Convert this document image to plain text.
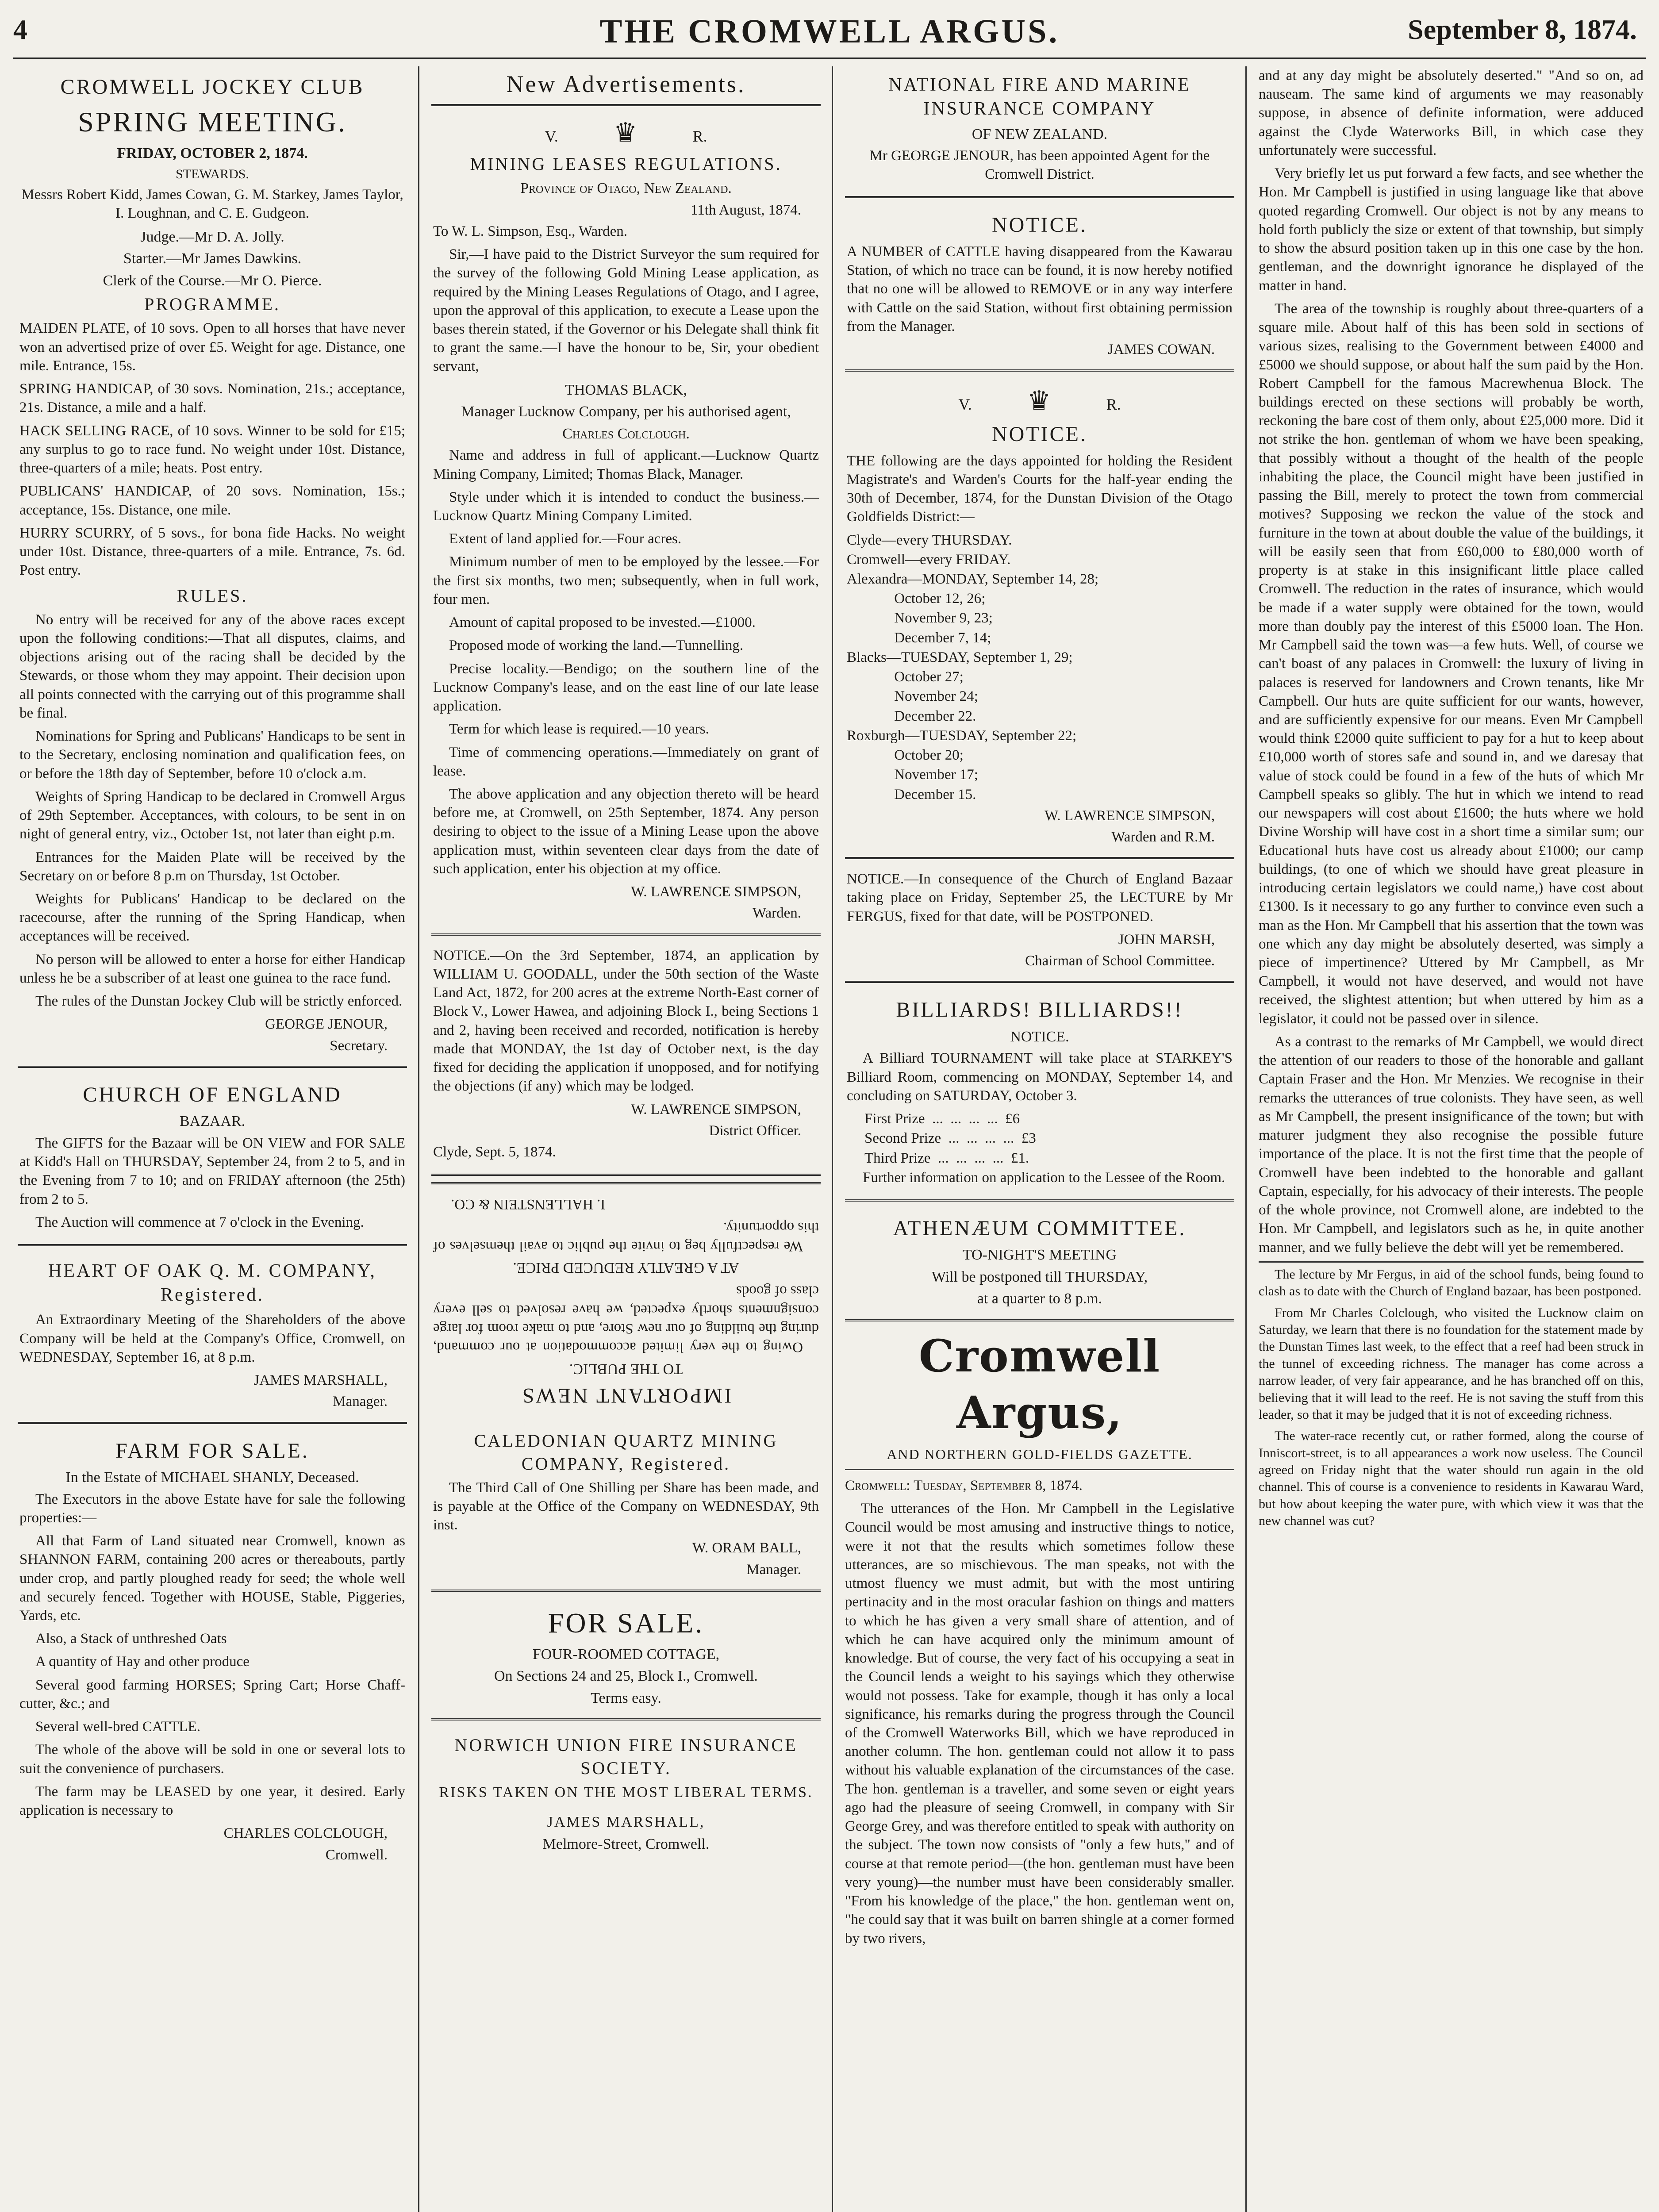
4	THE CROMWELL ARGUS.	September 8, 1874.
CROMWELL JOCKEY CLUB
SPRING MEETING.
FRIDAY, OCTOBER 2, 1874.
STEWARDS.

Messrs Robert Kidd, James Cowan, G. M. Starkey, James Taylor, I. Loughnan, and C. E. Gudgeon.

Judge.—Mr D. A. Jolly.
Starter.—Mr James Dawkins.
Clerk of the Course.—Mr O. Pierce.
PROGRAMME.

MAIDEN PLATE, of 10 sovs. Open to all horses that have never won an advertised prize of over £5. Weight for age. Distance, one mile. Entrance, 15s.

SPRING HANDICAP, of 30 sovs. Nomination, 21s.; acceptance, 21s. Distance, a mile and a half.

HACK SELLING RACE, of 10 sovs. Winner to be sold for £15; any surplus to go to race fund. No weight under 10st. Distance, three-quarters of a mile; heats. Post entry.

PUBLICANS' HANDICAP, of 20 sovs. Nomination, 15s.; acceptance, 15s. Distance, one mile.

HURRY SCURRY, of 5 sovs., for bona fide Hacks. No weight under 10st. Distance, three-quarters of a mile. Entrance, 7s. 6d. Post entry.

RULES.

No entry will be received for any of the above races except upon the following conditions:—That all disputes, claims, and objections arising out of the racing shall be decided by the Stewards, or those whom they may appoint. Their decision upon all points connected with the carrying out of this programme shall be final.

Nominations for Spring and Publicans' Handicaps to be sent in to the Secretary, enclosing nomination and qualification fees, on or before the 18th day of September, before 10 o'clock a.m.

Weights of Spring Handicap to be declared in Cromwell Argus of 29th September. Acceptances, with colours, to be sent in on night of general entry, viz., October 1st, not later than eight p.m.

Entrances for the Maiden Plate will be received by the Secretary on or before 8 p.m on Thursday, 1st October.

Weights for Publicans' Handicap to be declared on the racecourse, after the running of the Spring Handicap, when acceptances will be received.

No person will be allowed to enter a horse for either Handicap unless he be a subscriber of at least one guinea to the race fund.

The rules of the Dunstan Jockey Club will be strictly enforced.

GEORGE JENOUR,
Secretary.
CHURCH OF ENGLAND
BAZAAR.

The GIFTS for the Bazaar will be ON VIEW and FOR SALE at Kidd's Hall on THURSDAY, September 24, from 2 to 5, and in the Evening from 7 to 10; and on FRIDAY afternoon (the 25th) from 2 to 5.

The Auction will commence at 7 o'clock in the Evening.

HEART OF OAK Q. M. COMPANY, Registered.

An Extraordinary Meeting of the Shareholders of the above Company will be held at the Company's Office, Cromwell, on WEDNESDAY, September 16, at 8 p.m.

JAMES MARSHALL,
Manager.
FARM FOR SALE.
In the Estate of MICHAEL SHANLY, Deceased.

The Executors in the above Estate have for sale the following properties:—

All that Farm of Land situated near Cromwell, known as SHANNON FARM, containing 200 acres or thereabouts, partly under crop, and partly ploughed ready for seed; the whole well and securely fenced. Together with HOUSE, Stable, Piggeries, Yards, etc.

Also, a Stack of unthreshed Oats

A quantity of Hay and other produce

Several good farming HORSES; Spring Cart; Horse Chaff-cutter, &c.; and

Several well-bred CATTLE.

The whole of the above will be sold in one or several lots to suit the convenience of purchasers.

The farm may be LEASED by one year, it desired. Early application is necessary to

CHARLES COLCLOUGH,
Cromwell.
New Advertisements.
V. ♛	R.
MINING LEASES REGULATIONS.
Province of Otago, New Zealand.
11th August, 1874.

To W. L. Simpson, Esq., Warden.

Sir,—I have paid to the District Surveyor the sum required for the survey of the following Gold Mining Lease application, as required by the Mining Leases Regulations of Otago, and I agree, upon the approval of this application, to execute a Lease upon the bases therein stated, if the Governor or his Delegate shall think fit to grant the same.—I have the honour to be, Sir, your obedient servant,

THOMAS BLACK,
Manager Lucknow Company, per his authorised agent,
Charles Colclough.

Name and address in full of applicant.—Lucknow Quartz Mining Company, Limited; Thomas Black, Manager.

Style under which it is intended to conduct the business.—Lucknow Quartz Mining Company Limited.

Extent of land applied for.—Four acres.

Minimum number of men to be employed by the lessee.—For the first six months, two men; subsequently, when in full work, four men.

Amount of capital proposed to be invested.—£1000.

Proposed mode of working the land.—Tunnelling.

Precise locality.—Bendigo; on the southern line of the Lucknow Company's lease, and on the east line of our late lease application.

Term for which lease is required.—10 years.

Time of commencing operations.—Immediately on grant of lease.

The above application and any objection thereto will be heard before me, at Cromwell, on 25th September, 1874. Any person desiring to object to the issue of a Mining Lease upon the above application must, within seventeen clear days from the date of such application, enter his objection at my office.

W. LAWRENCE SIMPSON,
Warden.

NOTICE.—On the 3rd September, 1874, an application by WILLIAM U. GOODALL, under the 50th section of the Waste Land Act, 1872, for 200 acres at the extreme North-East corner of Block V., Lower Hawea, and adjoining Block I., being Sections 1 and 2, having been received and recorded, notification is hereby made that MONDAY, the 1st day of October next, is the day fixed for deciding the application if unopposed, and for notifying the objections (if any) which may be lodged.

W. LAWRENCE SIMPSON,
District Officer.

Clyde, Sept. 5, 1874.

IMPORTANT NEWS
TO THE PUBLIC.

Owing to the very limited accommodation at our command, during the building of our new Store, and to make room for large consignments shortly expected, we have resolved to sell every class of goods

AT A GREATLY REDUCED PRICE.

We respectfully beg to invite the public to avail themselves of this opportunity.

I. HALLENSTEIN & CO.
CALEDONIAN QUARTZ MINING COMPANY, Registered.

The Third Call of One Shilling per Share has been made, and is payable at the Office of the Company on WEDNESDAY, 9th inst.

W. ORAM BALL,
Manager.
FOR SALE.
FOUR-ROOMED COTTAGE,
On Sections 24 and 25, Block I., Cromwell.
Terms easy.
NORWICH UNION FIRE INSURANCE SOCIETY.
RISKS TAKEN ON THE MOST LIBERAL TERMS.
JAMES MARSHALL,
Melmore-Street, Cromwell.
NATIONAL FIRE AND MARINE INSURANCE COMPANY
OF NEW ZEALAND.

Mr GEORGE JENOUR, has been appointed Agent for the Cromwell District.

NOTICE.

A NUMBER of CATTLE having disappeared from the Kawarau Station, of which no trace can be found, it is now hereby notified that no one will be allowed to REMOVE or in any way interfere with Cattle on the said Station, without first obtaining permission from the Manager.

JAMES COWAN.
V. ♛	R.
NOTICE.

THE following are the days appointed for holding the Resident Magistrate's and Warden's Courts for the half-year ending the 30th of December, 1874, for the Dunstan Division of the Otago Goldfields District:—

Clyde—every THURSDAY.
Cromwell—every FRIDAY.
Alexandra—MONDAY, September 14, 28;
October 12, 26;
November 9, 23;
December 7, 14;
Blacks—TUESDAY, September 1, 29;
October 27;
November 24;
December 22.
Roxburgh—TUESDAY, September 22;
October 20;
November 17;
December 15.
W. LAWRENCE SIMPSON,
Warden and R.M.

NOTICE.—In consequence of the Church of England Bazaar taking place on Friday, September 25, the LECTURE by Mr FERGUS, fixed for that date, will be POSTPONED.

JOHN MARSH,
Chairman of School Committee.
BILLIARDS! BILLIARDS!!
NOTICE.

A Billiard TOURNAMENT will take place at STARKEY'S Billiard Room, commencing on MONDAY, September 14, and concluding on SATURDAY, October 3.

First Prize  ...  ...  ...  ...  £6
Second Prize  ...  ...  ...  ...  £3
Third Prize  ...  ...  ...  ...  £1.

Further information on application to the Lessee of the Room.

ATHENÆUM COMMITTEE.
TO-NIGHT'S MEETING
Will be postponed till THURSDAY,
at a quarter to 8 p.m.
Cromwell Argus,
AND NORTHERN GOLD-FIELDS GAZETTE.

Cromwell: Tuesday, September 8, 1874.

The utterances of the Hon. Mr Campbell in the Legislative Council would be most amusing and instructive things to notice, were it not that the results which sometimes follow these utterances, are so mischievous. The man speaks, not with the utmost fluency we must admit, but with the most untiring pertinacity and in the most oracular fashion on things and matters to which he has given a very small share of attention, and of which he can have acquired only the minimum amount of knowledge. But of course, the very fact of his occupying a seat in the Council lends a weight to his sayings which they otherwise would not possess. Take for example, though it has only a local significance, his remarks during the progress through the Council of the Cromwell Waterworks Bill, which we have reproduced in another column. The hon. gentleman could not allow it to pass without his valuable explanation of the circumstances of the case. The hon. gentleman is a traveller, and some seven or eight years ago had the pleasure of seeing Cromwell, in company with Sir George Grey, and was therefore entitled to speak with authority on the subject. The town now consists of "only a few huts," and of course at that remote period—(the hon. gentleman must have been very young)—the number must have been considerably smaller. "From his knowledge of the place," the hon. gentleman went on, "he could say that it was built on barren shingle at a corner formed by two rivers,

and at any day might be absolutely deserted." "And so on, ad nauseam. The same kind of arguments we may reasonably suppose, in absence of definite information, were adduced against the Clyde Waterworks Bill, in which case they unfortunately were successful.

Very briefly let us put forward a few facts, and see whether the Hon. Mr Campbell is justified in using language like that above quoted regarding Cromwell. Our object is not by any means to hold forth publicly the size or extent of that township, but simply to show the absurd position taken up in this one case by the hon. gentleman, and the downright ignorance he displayed of the matter in hand.

The area of the township is roughly about three-quarters of a square mile. About half of this has been sold in sections of various sizes, realising to the Government between £4000 and £5000 we should suppose, or about half the sum paid by the Hon. Robert Campbell for the famous Macrewhenua Block. The buildings erected on these sections will probably be worth, reckoning the bare cost of them only, about £25,000 more. Did it not strike the hon. gentleman of whom we have been speaking, that possibly without a thought of the health of the people inhabiting the place, the Council might have been justified in passing the Bill, merely to protect the town from commercial motives? Supposing we reckon the value of the stock and furniture in the town at about double the value of the buildings, it will be easily seen that from £60,000 to £80,000 worth of property is at stake in this insignificant little place called Cromwell. The reduction in the rates of insurance, which would be made if a water supply were obtained for the town, would more than doubly pay the interest of this £5000 loan. The Hon. Mr Campbell said the town was—a few huts. Well, of course we can't boast of any palaces in Cromwell: the luxury of living in palaces is reserved for landowners and Crown tenants, like Mr Campbell. Our huts are quite sufficient for our wants, however, and are sufficiently expensive for our means. Even Mr Campbell would think £2000 quite sufficient to pay for a hut to keep about £10,000 worth of stores safe and sound in, and we daresay that value of stock could be found in a few of the huts of which Mr Campbell speaks so glibly. The hut in which we intend to read our newspapers will cost about £1600; the huts where we hold Divine Worship will have cost in a short time a similar sum; our Educational huts have cost us already about £1000; our camp buildings, (to one of which we should have great pleasure in introducing certain legislators we could name,) have cost about £1300. Is it necessary to go any further to convince even such a man as the Hon. Mr Campbell that his assertion that the town was one which any day might be absolutely deserted, was simply a piece of impertinence? Uttered by Mr Campbell, as Mr Campbell, it would not have deserved, and would not have received, the slightest attention; but when uttered by him as a legislator, it could not be passed over in silence.

As a contrast to the remarks of Mr Campbell, we would direct the attention of our readers to those of the honorable and gallant Captain Fraser and the Hon. Mr Menzies. We recognise in their remarks the utterances of true colonists. They have seen, as well as Mr Campbell, the present insignificance of the town; but with maturer judgment they also recognise the possible future importance of the place. It is not the first time that the people of Cromwell have been indebted to the honorable and gallant Captain, especially, for his advocacy of their interests. The people of the whole province, not Cromwell alone, are indebted to the Hon. Mr Campbell, and legislators such as he, in quite another manner, and we fully believe the debt will yet be remembered.

The lecture by Mr Fergus, in aid of the school funds, being found to clash as to date with the Church of England bazaar, has been postponed.

From Mr Charles Colclough, who visited the Lucknow claim on Saturday, we learn that there is no foundation for the statement made by the Dunstan Times last week, to the effect that a reef had been struck in the tunnel of exceeding richness. The manager has come across a narrow leader, of very fair appearance, and he has branched off on this, believing that it will lead to the reef. He is not saving the stuff from this leader, so that it may be judged that it is not of exceeding richness.

The water-race recently cut, or rather formed, along the course of Inniscort-street, is to all appearances a work now useless. The Council agreed on Friday night that the water should run again in the old channel. This of course is a convenience to residents in Kawarau Ward, but how about keeping the water pure, with which view it was that the new channel was cut?
